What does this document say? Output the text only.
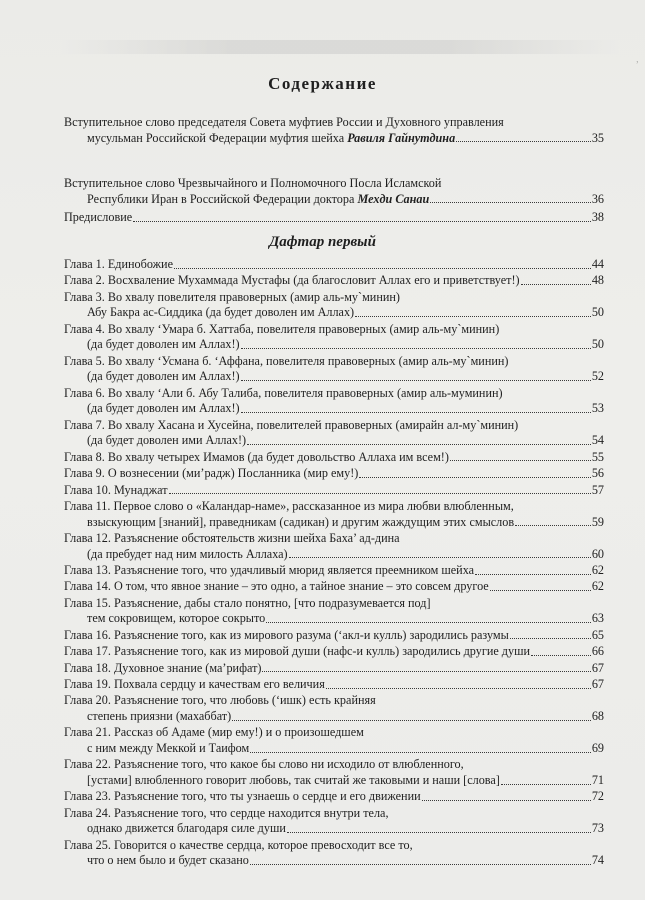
’
Содержание
Вступительное слово председателя Совета муфтиев России и Духовного управления
мусульман Российской Федерации муфтия шейха Равиля Гайнутдина	35
Вступительное слово Чрезвычайного и Полномочного Посла Исламской
Республики Иран в Российской Федерации доктора Мехди Санаи	36
Предисловие	38
Дафтар первый
Глава 1. Единобожие	44
Глава 2. Восхваление Мухаммада Мустафы (да благословит Аллах его и приветствует!)	48
Глава 3. Во хвалу повелителя правоверных (амир аль-му`минин)
Абу Бакра ас-Сиддика (да будет доволен им Аллах)	50
Глава 4. Во хвалу ‘Умара б. Хаттаба, повелителя правоверных (амир аль-му`минин)
(да будет доволен им Аллах!)	50
Глава 5. Во хвалу ‘Усмана б. ‘Аффана, повелителя правоверных (амир аль-му`минин)
(да будет доволен им Аллах!)	52
Глава 6. Во хвалу ‘Али б. Абу Талиба, повелителя правоверных (амир аль-муминин)
(да будет доволен им Аллах!)	53
Глава 7. Во хвалу Хасана и Хусейна, повелителей правоверных (амирайн ал-му`минин)
(да будет доволен ими Аллах!)	54
Глава 8. Во хвалу четырех Имамов (да будет довольство Аллаха им всем!)	55
Глава 9. О вознесении (ми’радж) Посланника (мир ему!)	56
Глава 10. Мунаджат	57
Глава 11. Первое слово о «Каландар-наме», рассказанное из мира любви влюбленным,
взыскующим [знаний], праведникам (садикан) и другим жаждущим этих смыслов	59
Глава 12. Разъяснение обстоятельств жизни шейха Баха’ ад-дина
(да пребудет над ним милость Аллаха)	60
Глава 13. Разъяснение того, что удачливый мюрид является преемником шейха	62
Глава 14. О том, что явное знание – это одно, а тайное знание – это совсем другое	62
Глава 15. Разъяснение, дабы стало понятно, [что подразумевается под]
тем сокровищем, которое сокрыто	63
Глава 16. Разъяснение того, как из мирового разума (‘акл-и кулль) зародились разумы	65
Глава 17. Разъяснение того, как из мировой души (нафс-и кулль) зародились другие души	66
Глава 18. Духовное знание (ма’рифат)	67
Глава 19. Похвала сердцу и качествам его величия	67
Глава 20. Разъяснение того, что любовь (‘ишк) есть крайняя
степень приязни (махаббат)	68
Глава 21. Рассказ об Адаме (мир ему!) и о произошедшем
с ним между Меккой и Таифом	69
Глава 22. Разъяснение того, что какое бы слово ни исходило от влюбленного,
[устами] влюбленного говорит любовь, так считай же таковыми и наши [слова]	71
Глава 23. Разъяснение того, что ты узнаешь о сердце и его движении	72
Глава 24. Разъяснение того, что сердце находится внутри тела,
однако движется благодаря силе души	73
Глава 25. Говорится о качестве сердца, которое превосходит все то,
что о нем было и будет сказано	74
